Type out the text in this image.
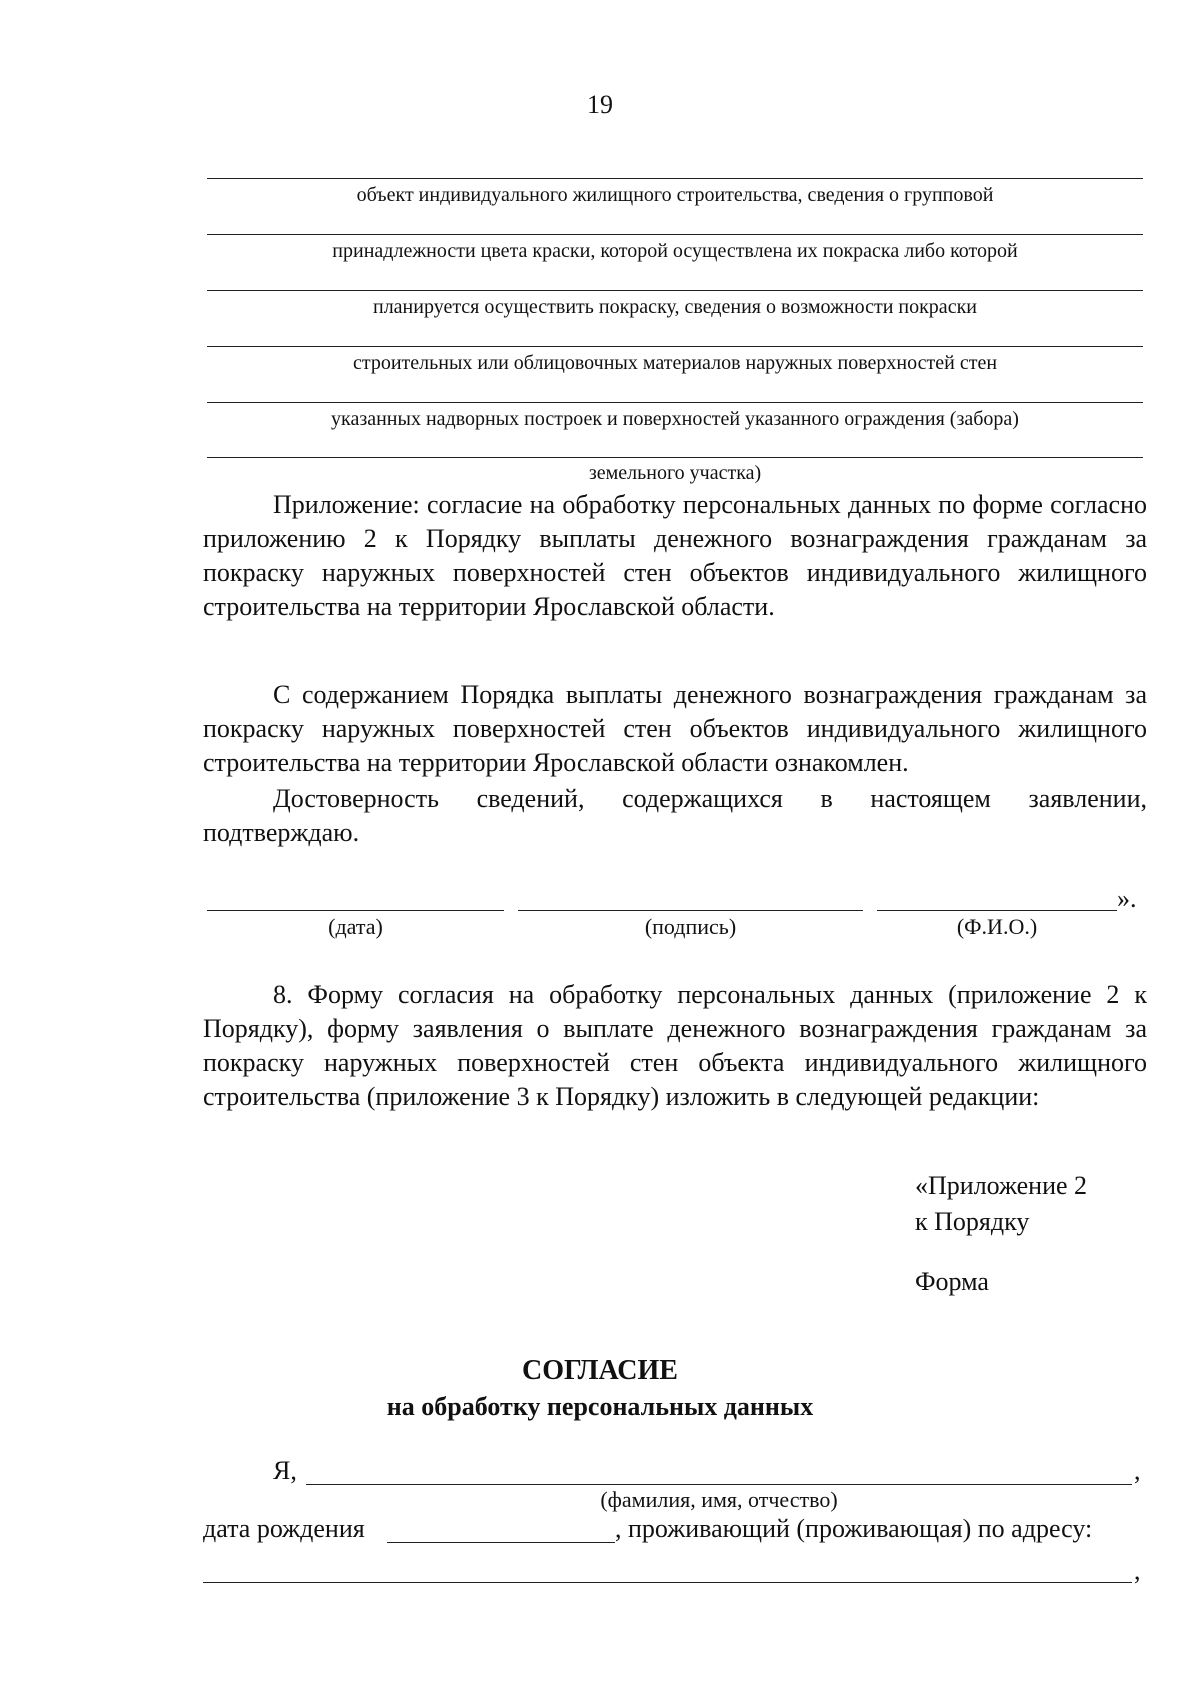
19
объект индивидуального жилищного строительства, сведения о групповой
принадлежности цвета краски, которой осуществлена их покраска либо которой
планируется осуществить покраску, сведения о возможности покраски
строительных или облицовочных материалов наружных поверхностей стен
указанных надворных построек и поверхностей указанного ограждения (забора)
земельного участка)
Приложение: согласие на обработку персональных данных по форме согласно приложению 2 к Порядку выплаты денежного вознаграждения гражданам за покраску наружных поверхностей стен объектов индивидуального жилищного строительства на территории Ярославской области.
С содержанием Порядка выплаты денежного вознаграждения гражданам за покраску наружных поверхностей стен объектов индивидуального жилищного строительства на территории Ярославской области ознакомлен.
Достоверность сведений, содержащихся в настоящем заявлении, подтверждаю.
».
(дата)	(подпись)	(Ф.И.О.)
8. Форму согласия на обработку персональных данных (приложение 2 к Порядку), форму заявления о выплате денежного вознаграждения гражданам за покраску наружных поверхностей стен объекта индивидуального жилищного строительства (приложение 3 к Порядку) изложить в следующей редакции:
«Приложение 2
к Порядку
Форма
СОГЛАСИЕ
на обработку персональных данных
Я,	,
(фамилия, имя, отчество)
дата рождения	, проживающий (проживающая) по адресу:
,
